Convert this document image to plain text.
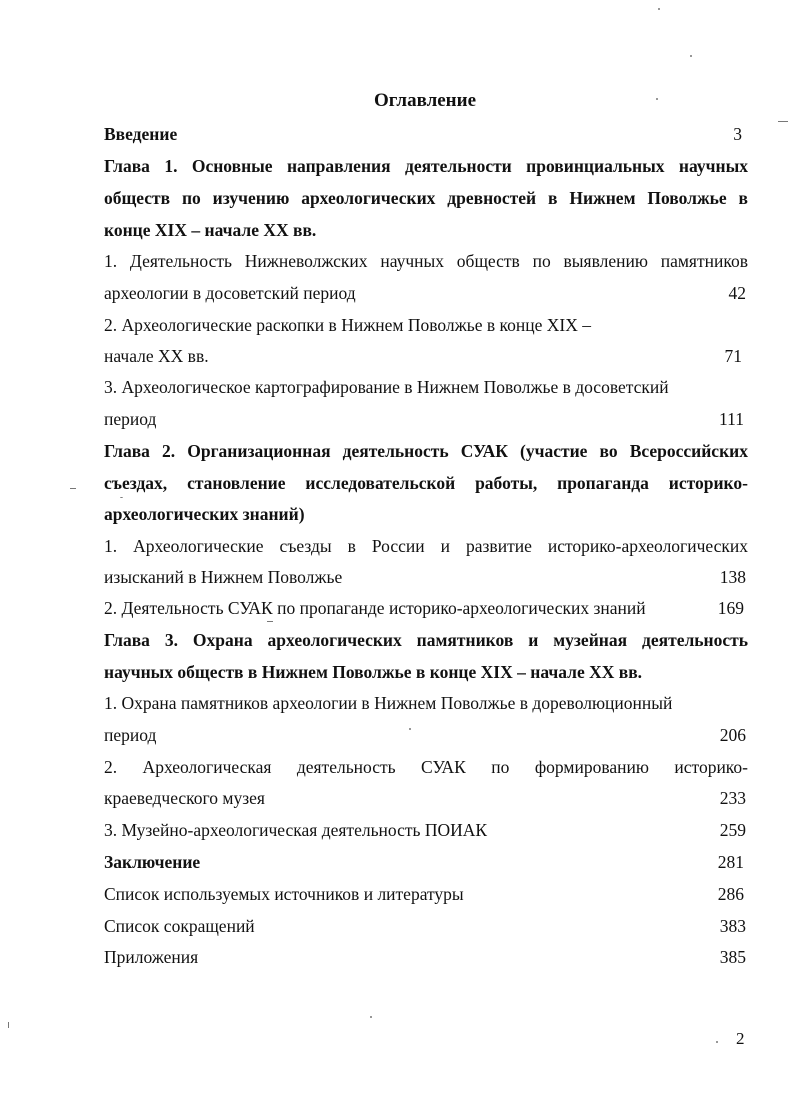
Оглавление
Введение	3
Глава 1. Основные направления деятельности провинциальных научных
обществ по изучению археологических древностей в Нижнем Поволжье в
конце XIX – начале XX вв.
1. Деятельность Нижневолжских научных обществ по выявлению памятников
археологии в досоветский период	42
2. Археологические раскопки в Нижнем Поволжье в конце XIX –
начале XX вв.	71
3. Археологическое картографирование в Нижнем Поволжье в досоветский
период	111
Глава 2. Организационная деятельность СУАК (участие во Всероссийских
съездах, становление исследовательской работы, пропаганда историко-
археологических знаний)
1. Археологические съезды в России и развитие историко-археологических
изысканий в Нижнем Поволжье	138
2. Деятельность СУАК по пропаганде историко-археологических знаний	169
Глава 3. Охрана археологических памятников и музейная деятельность
научных обществ в Нижнем Поволжье в конце XIX – начале XX вв.
1. Охрана памятников археологии в Нижнем Поволжье в дореволюционный
период	206
2. Археологическая деятельность СУАК по формированию историко-
краеведческого музея	233
3. Музейно-археологическая деятельность ПОИАК	259
Заключение	281
Список используемых источников и литературы	286
Список сокращений	383
Приложения	385
2
